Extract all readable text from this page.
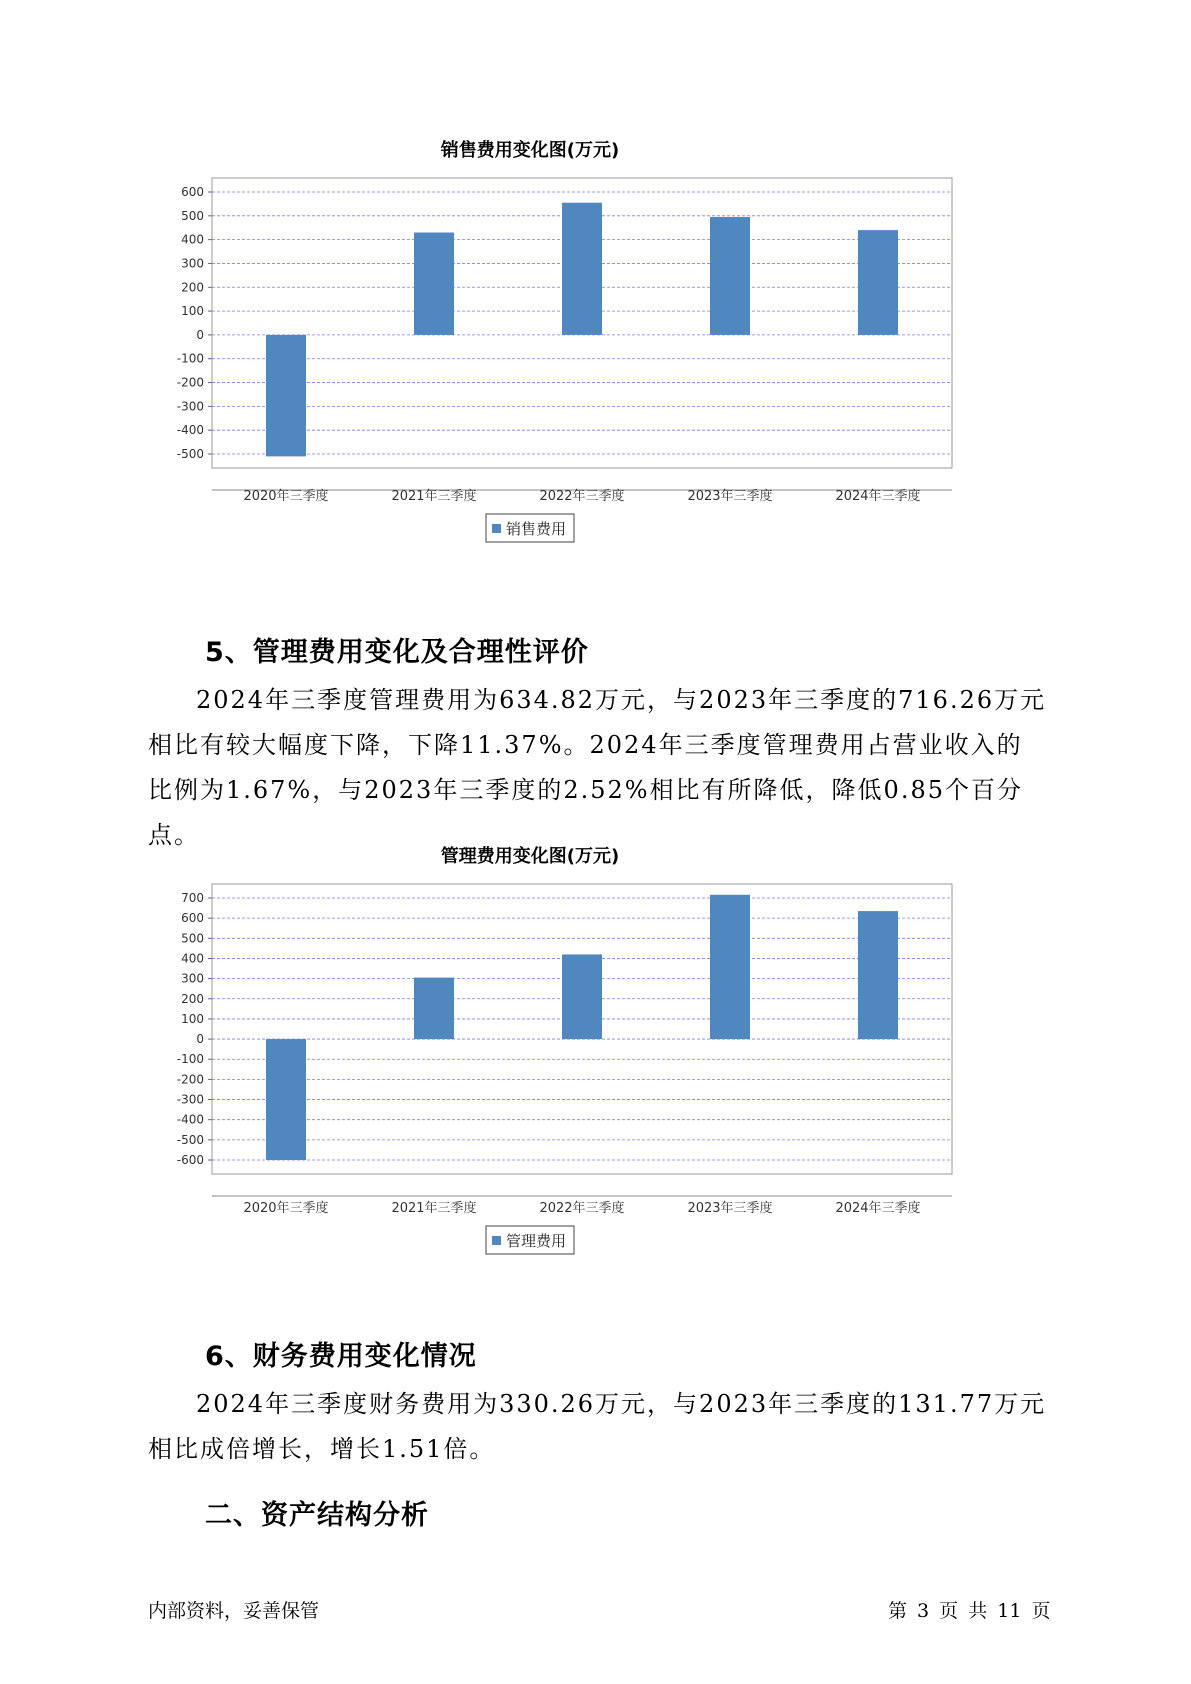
销售费用变化图(万元)
600
500
400
300
200
100
0
-100
-200
-300
-400
-500
2020年三季度	2021年三季度	2022年三季度	2023年三季度	2024年三季度
销售费用
5、管理费用变化及合理性评价

2024年三季度管理费用为634.82万元，与2023年三季度的716.26万元

相比有较大幅度下降，下降11.37%。2024年三季度管理费用占营业收入的

比例为1.67%，与2023年三季度的2.52%相比有所降低，降低0.85个百分点。

管理费用变化图(万元)
700
600
500
400
300
200
100
0
-100
-200
-300
-400
-500
-600
2020年三季度	2021年三季度	2022年三季度	2023年三季度	2024年三季度
管理费用
6、财务费用变化情况

2024年三季度财务费用为330.26万元，与2023年三季度的131.77万元

相比成倍增长，增长1.51倍。

二、资产结构分析
内部资料，妥善保管	第 3 页 共 11 页
